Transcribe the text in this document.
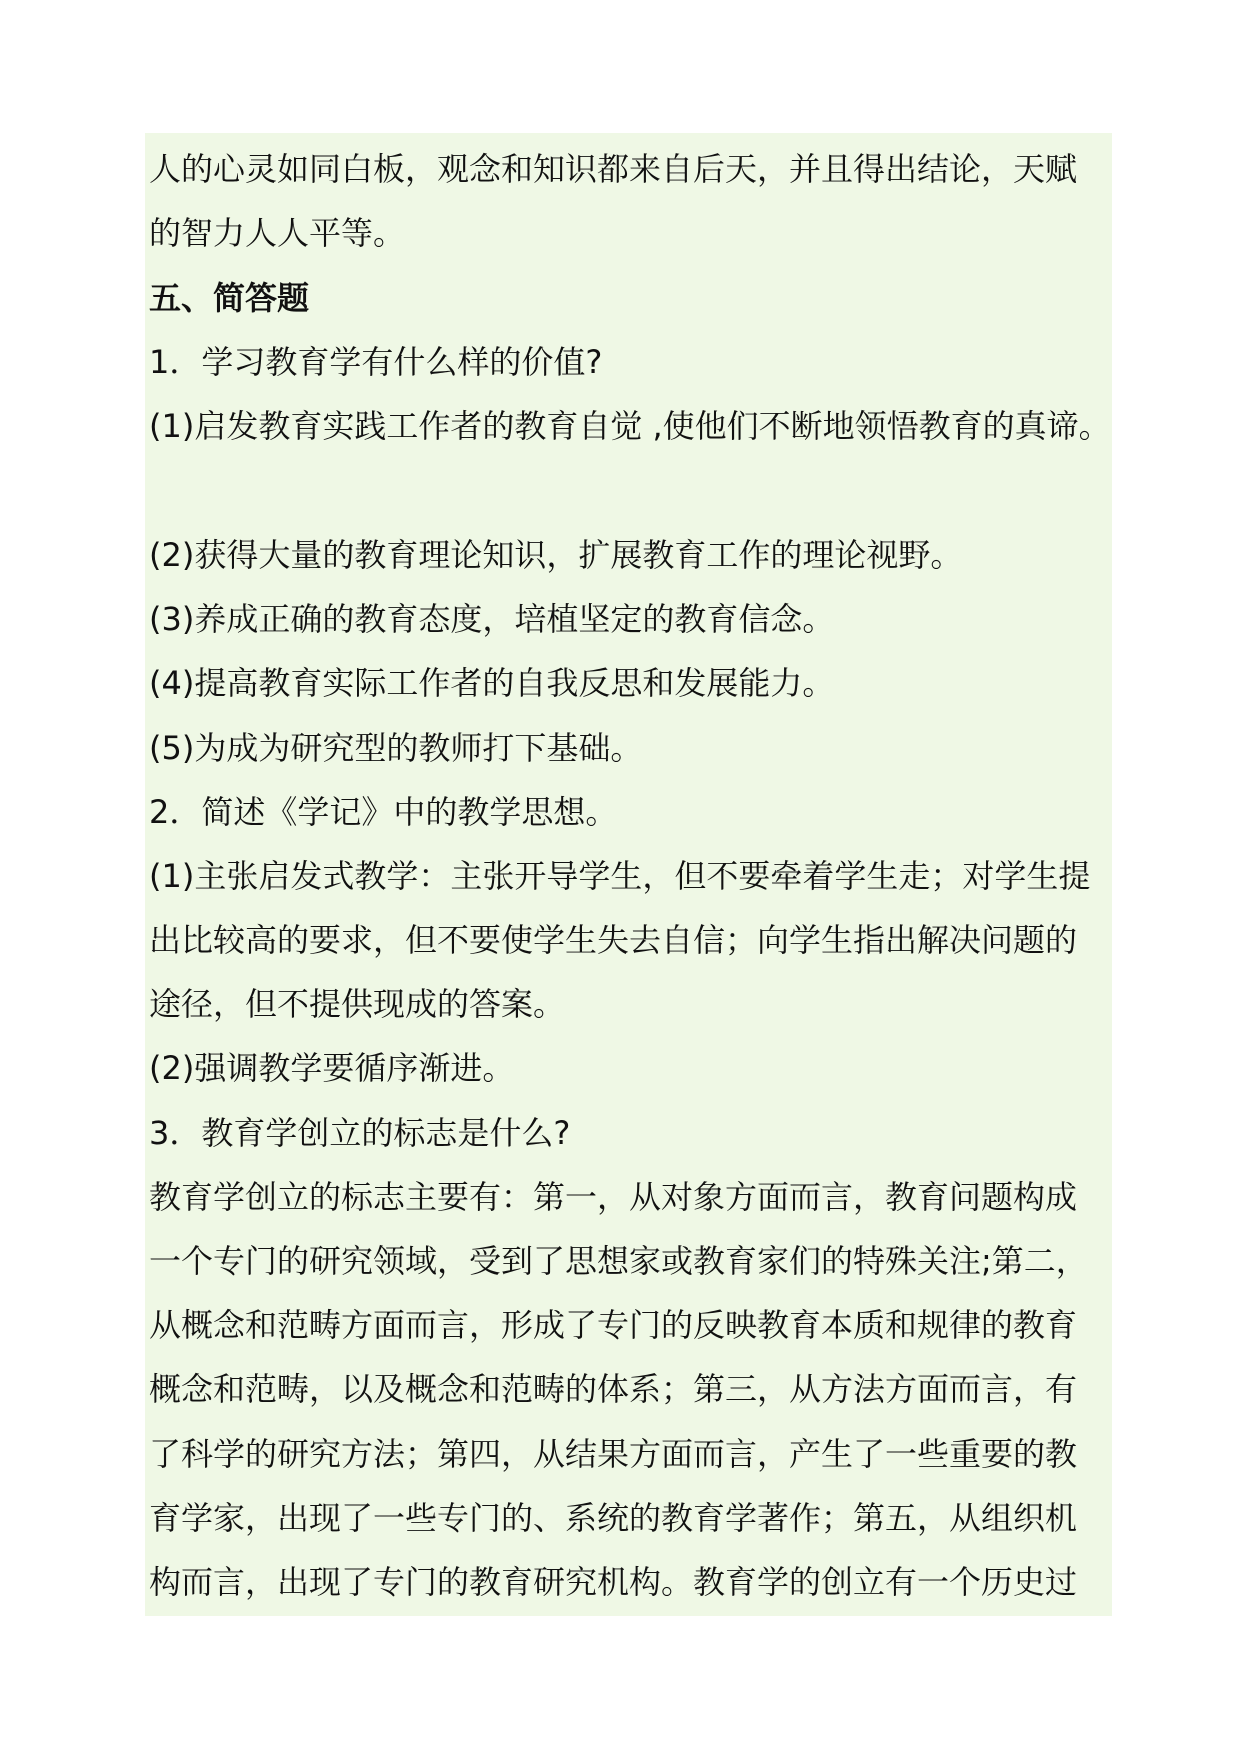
人的心灵如同白板，观念和知识都来自后天，并且得出结论，天赋
的智力人人平等。
五、简答题
1．学习教育学有什么样的价值?
(1)启发教育实践工作者的教育自觉 ,使他们不断地领悟教育的真谛。
(2)获得大量的教育理论知识，扩展教育工作的理论视野。
(3)养成正确的教育态度，培植坚定的教育信念。
(4)提高教育实际工作者的自我反思和发展能力。
(5)为成为研究型的教师打下基础。
2．简述《学记》中的教学思想。
(1)主张启发式教学：主张开导学生，但不要牵着学生走；对学生提
出比较高的要求，但不要使学生失去自信；向学生指出解决问题的
途径，但不提供现成的答案。
(2)强调教学要循序渐进。
3．教育学创立的标志是什么?
教育学创立的标志主要有：第一，从对象方面而言，教育问题构成
一个专门的研究领域，受到了思想家或教育家们的特殊关注;第二，
从概念和范畴方面而言，形成了专门的反映教育本质和规律的教育
概念和范畴，以及概念和范畴的体系；第三，从方法方面而言，有
了科学的研究方法；第四，从结果方面而言，产生了一些重要的教
育学家，出现了一些专门的、系统的教育学著作；第五，从组织机
构而言，出现了专门的教育研究机构。教育学的创立有一个历史过
